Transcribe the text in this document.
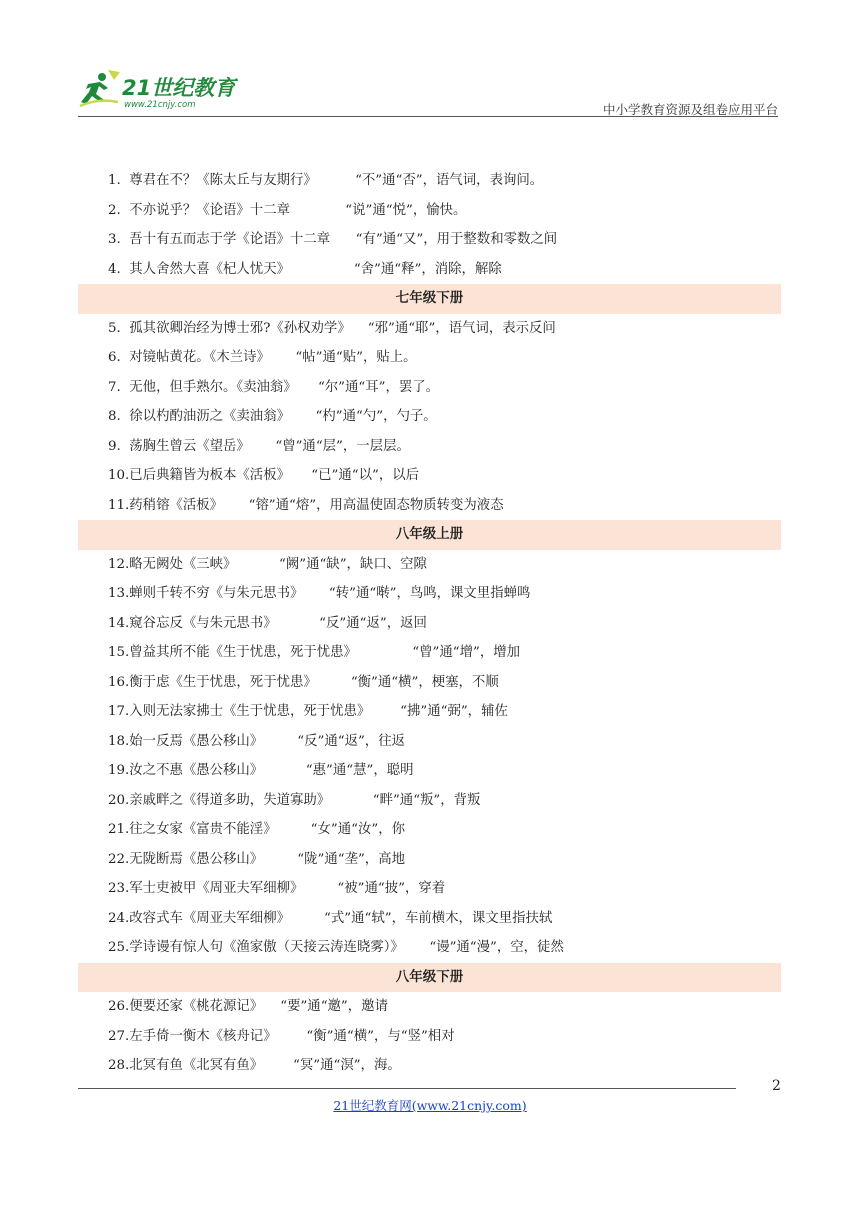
21世纪教育
www.21cnjy.com	中小学教育资源及组卷应用平台
1.  尊君在不？《陈太丘与友期行》         “不”通“否”，语气词，表询问。
2.  不亦说乎？《论语》十二章             “说”通“悦”，愉快。
3.  吾十有五而志于学《论语》十二章      “有”通“又”，用于整数和零数之间
4.  其人舍然大喜《杞人忧天》               “舍”通“释”，消除，解除
七年级下册
5.  孤其欲卿治经为博士邪?《孙权劝学》    “邪”通“耶”，语气词，表示反问
6.  对镜帖黄花。《木兰诗》      “帖”通“贴”，贴上。
7.  无他，但手熟尔。《卖油翁》     “尔”通“耳”，罢了。
8.  徐以杓酌油沥之《卖油翁》      “杓”通“勺”，勺子。
9.  荡胸生曾云《望岳》      “曾”通“层”，一层层。
10.已后典籍皆为板本《活板》     “已”通“以”，以后
11.药稍镕《活板》      “镕”通“熔”，用高温使固态物质转变为液态
八年级上册
12.略无阙处《三峡》          “阙”通“缺”，缺口、空隙
13.蝉则千转不穷《与朱元思书》      “转”通“啭”，鸟鸣，课文里指蝉鸣
14.窥谷忘反《与朱元思书》          “反”通“返”，返回
15.曾益其所不能《生于忧患，死于忧患》             “曾”通“增”，增加
16.衡于虑《生于忧患，死于忧患》        “衡”通“横”，梗塞，不顺
17.入则无法家拂士《生于忧患，死于忧患》       “拂”通“弼”，辅佐
18.始一反焉《愚公移山》        “反”通“返”，往返
19.汝之不惠《愚公移山》          “惠”通“慧”，聪明
20.亲戚畔之《得道多助，失道寡助》          “畔”通“叛”，背叛
21.往之女家《富贵不能淫》        “女”通“汝”，你
22.无陇断焉《愚公移山》        “陇”通“垄”，高地
23.军士吏被甲《周亚夫军细柳》        “被”通“披”，穿着
24.改容式车《周亚夫军细柳》        “式”通“轼”，车前横木，课文里指扶轼
25.学诗谩有惊人句《渔家傲（天接云涛连晓雾）》      “谩”通“漫”，空，徒然
八年级下册
26.便要还家《桃花源记》    “要”通“邀”，邀请
27.左手倚一衡木《核舟记》       “衡”通“横”，与“竖”相对
28.北冥有鱼《北冥有鱼》       “冥”通“溟”，海。
2
21世纪教育网(www.21cnjy.com)
